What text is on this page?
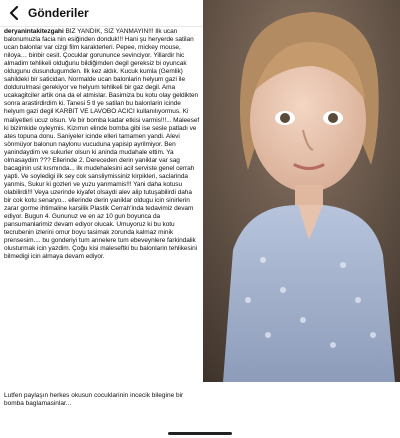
Gönderiler

deryanintakitezgahi BİZ YANDIK, SİZ YANMAYIN!!! Ilk ucan balonumuzla facia nin esiğinden donduk!!! Hani şu heryerde satilan ucan balonlar var cizgi film karakterleri. Pepee, mickey mouse, niloya… binbir cesit. Çocuklar gorununce sevinciyor. Yillardir hic almadim tehlikeli olduğunu bildiğimden degil gereksiz bi oyuncak oldugunu dusundugumden. Ilk kez aldık. Kucuk kumla (Gemlik) sahildeki bir saticidan. Normalde ucan balonlarin helyum gazi ile dolduruImasi gerekiyor ve helyum tehlikeli bir gaz degil. Ama ucakagitciler artik ona da el atmislar. Basimiza bu kotu olay geldikten sonra arastirdirdim ki. Tanesi 5 tl ye satilan bu balonlarin icinde helyum gazi degil KARBIT VE LAVOBO ACICI kullanılıyormus. Ki maliyetleri ucuz olsun. Ve bir bomba kadar etkisi varmis!!!... Maleesef ki bizimkide oyleymis. Kizımın elinde bomba gibi ise sesle patladı ve ates topuna donu. Saniyeler icinde elleri tamamen yandi. Alevi sönmüyor balonun naylonu vucuduna yapisip ayrilmiyor. Ben yanindaydim ve sukurler olsun ki aninda mudahale ettim. Ya olmasaydim ??? Ellerinde 2. Dereceden derin yaniklar var sag bacaginin ust kısmında... ilk mudehalesini acil serviste genel cerrah yapti. Ve soyledigi ilk sey cok sansliymissiniz kirpikleri, saclarinda yanmis, Sukur ki gozleri ve yuzu yanmamis!!! Yani daha kotusu olabilirdi!!! Veya uzerinde kiyafet olsaydi alev alip tutuşabilirdi daha bir cok kotu senaryo... ellerinde derin yaniklar oldugu icin sinirlerin zarar gorme ihtimaline karsilik Plastik Cerrah'inda tedavimiz devam ediyor. Bugun 4. Gununuz ve en az 10 gun boyunca da pansumanlarimiz devam ediyor olucak. Umuyoruz ki bu kotu tecrubenin izlerini omur boyu tasimak zorunda kalmaz minik prensesim.... bu gonderiyi tum annelere tum ebeveynlere farkindalik olusturmak icin yazdim. Çoğu kisi maleseftki bu balonlarin tehlikesini bilmedigi icin almaya devam ediyor.

Lutfen paylaşın herkes okusun cocuklarinin incecik bilegine bir bomba baglamasinlar...
